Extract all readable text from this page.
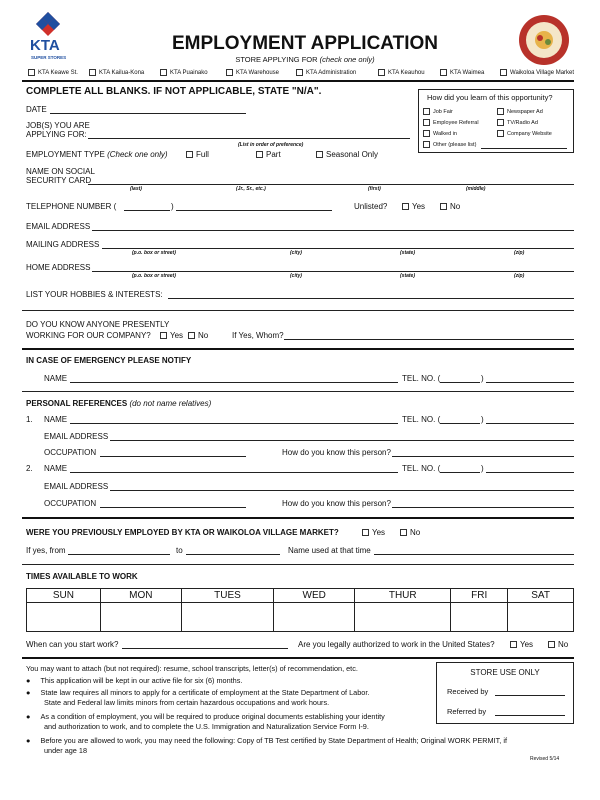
KTA
SUPER STORES
EMPLOYMENT APPLICATION
STORE APPLYING FOR (check one only)
KTA Keawe St.	KTA Kailua-Kona	KTA Puainako	KTA Warehouse	KTA Administration	KTA Keauhou	KTA Waimea	Waikoloa Village Market
COMPLETE ALL BLANKS. IF NOT APPLICABLE, STATE "N/A".
How did you learn of this opportunity?
Job Fair	Newspaper Ad
Employee Referral	TV/Radio Ad
Walked in	Company Website
Other (please list)
DATE
JOB(S) YOU ARE
APPLYING FOR:
(List in order of preference)
EMPLOYMENT TYPE (Check one only)	Full	Part	Seasonal Only
NAME ON SOCIAL
SECURITY CARD
(last)	(Jr., Sr., etc.)	(first)	(middle)
TELEPHONE NUMBER (	)	Unlisted?	Yes	No
EMAIL ADDRESS
MAILING ADDRESS
(p.o. box or street)	(city)	(state)	(zip)
HOME ADDRESS
(p.o. box or street)	(city)	(state)	(zip)
LIST YOUR HOBBIES & INTERESTS:
DO YOU KNOW ANYONE PRESENTLY
WORKING FOR OUR COMPANY?	Yes	No	If Yes, Whom?
IN CASE OF EMERGENCY PLEASE NOTIFY
NAME	TEL. NO. (	)
PERSONAL REFERENCES (do not name relatives)
1. NAME	TEL. NO. (	)
EMAIL ADDRESS
OCCUPATION	How do you know this person?
2. NAME	TEL. NO. (	)
EMAIL ADDRESS
OCCUPATION	How do you know this person?
WERE YOU PREVIOUSLY EMPLOYED BY KTA OR WAIKOLOA VILLAGE MARKET?	Yes	No
If yes, from	to	Name used at that time
TIMES AVAILABLE TO WORK
SUN	MON	TUES	WED	THUR	FRI	SAT

When can you start work?	Are you legally authorized to work in the United States?	Yes	No
You may want to attach (but not required): resume, school transcripts, letter(s) of recommendation, etc.
● This application will be kept in our active file for six (6) months.
● State law requires all minors to apply for a certificate of employment at the State Department of Labor.
State and Federal law limits minors from certain hazardous occupations and work hours.
● As a condition of employment, you will be required to produce original documents establishing your identity
and authorization to work, and to complete the U.S. Immigration and Naturalization Service Form I-9.
● Before you are allowed to work, you may need the following: Copy of TB Test certified by State Department of Health; Original WORK PERMIT, if
under age 18
STORE USE ONLY
Received by
Referred by
Revised 5/14
